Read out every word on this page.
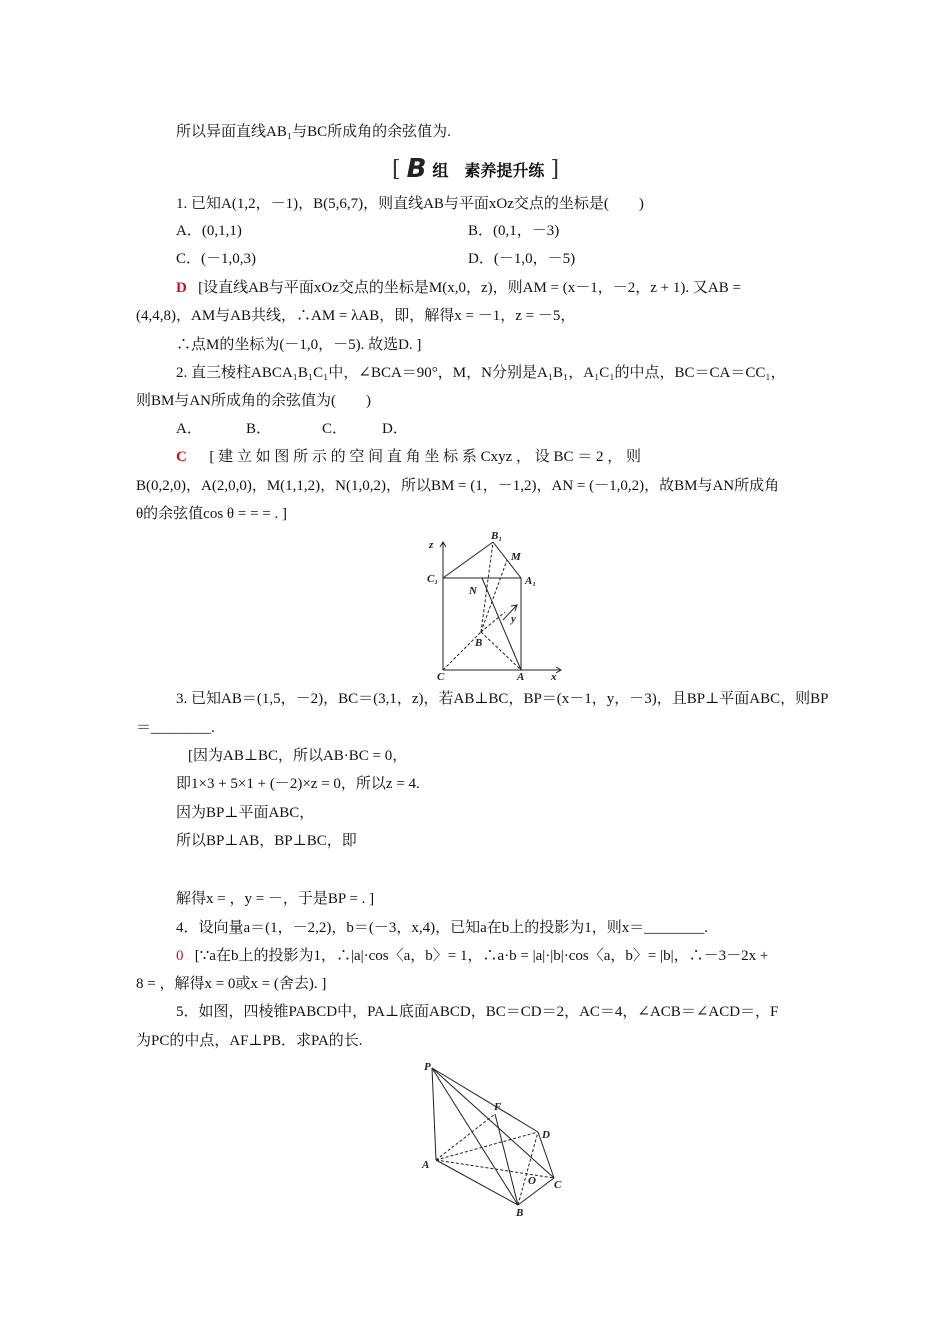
所以异面直线AB₁与BC所成角的余弦值为.
[ B 组　素养提升练 ]
1. 已知A(1,2，－1)，B(5,6,7)，则直线AB与平面xOz交点的坐标是(　　)
A．(0,1,1)	B．(0,1，－3)
C．(－1,0,3)	D．(－1,0，－5)
D [设直线AB与平面xOz交点的坐标是M(x,0，z)，则AM = (x－1，－2，z + 1). 又AB =
(4,4,8)，AM与AB共线，∴AM = λAB，即，解得x = －1，z = －5，
∴点M的坐标为(－1,0，－5). 故选D. ]
2. 直三棱柱ABCA₁B₁C₁中，∠BCA＝90°，M，N分别是A₁B₁，A₁C₁的中点，BC＝CA＝CC₁，
则BM与AN所成角的余弦值为(　　)
A．	B．	C． D．
C [ 建 立 如 图 所 示 的 空 间 直 角 坐 标 系 Cxyz ， 设 BC ＝ 2 ， 则
B(0,2,0)，A(2,0,0)，M(1,1,2)，N(1,0,2)，所以BM = (1，－1,2)，AN = (－1,0,2)，故BM与AN所成角
θ的余弦值cos θ = = = . ]
z
B₁
M
C₁	A₁
N
y
B
C	A x
3. 已知AB＝(1,5，－2)，BC＝(3,1，z)，若AB⊥BC，BP＝(x－1，y，－3)，且BP⊥平面ABC，则BP
＝________.
[因为AB⊥BC，所以AB·BC = 0，
即1×3 + 5×1 + (－2)×z = 0，所以z = 4.
因为BP⊥平面ABC，
所以BP⊥AB，BP⊥BC，即
解得x = ，y = －，于是BP = . ]
4．设向量a＝(1，－2,2)，b＝(－3，x,4)，已知a在b上的投影为1，则x＝________.
0 [∵a在b上的投影为1，∴|a|·cos〈a，b〉= 1，∴a·b = |a|·|b|·cos〈a，b〉= |b|，∴－3－2x +
8 = ，解得x = 0或x = (舍去). ]
5．如图，四棱锥PABCD中，PA⊥底面ABCD，BC＝CD＝2，AC＝4，∠ACB＝∠ACD＝，F
为PC的中点，AF⊥PB．求PA的长.
P
F
D
A
O C
B
